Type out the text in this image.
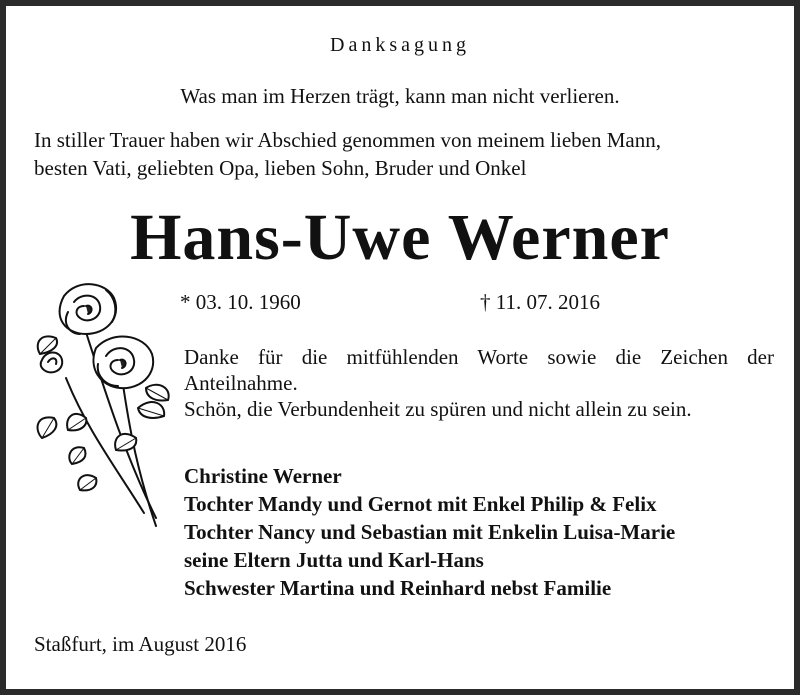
Danksagung
Was man im Herzen trägt, kann man nicht verlieren.
In stiller Trauer haben wir Abschied genommen von meinem lieben Mann,
besten Vati, geliebten Opa, lieben Sohn, Bruder und Onkel
Hans-Uwe Werner
* 03. 10. 1960	† 11. 07. 2016

Danke für die mitfühlenden Worte sowie die Zeichen der

Anteilnahme.

Schön, die Verbundenheit zu spüren und nicht allein zu sein.

Christine Werner
Tochter Mandy und Gernot mit Enkel Philip & Felix
Tochter Nancy und Sebastian mit Enkelin Luisa-Marie
seine Eltern Jutta und Karl-Hans
Schwester Martina und Reinhard nebst Familie
Staßfurt, im August 2016
